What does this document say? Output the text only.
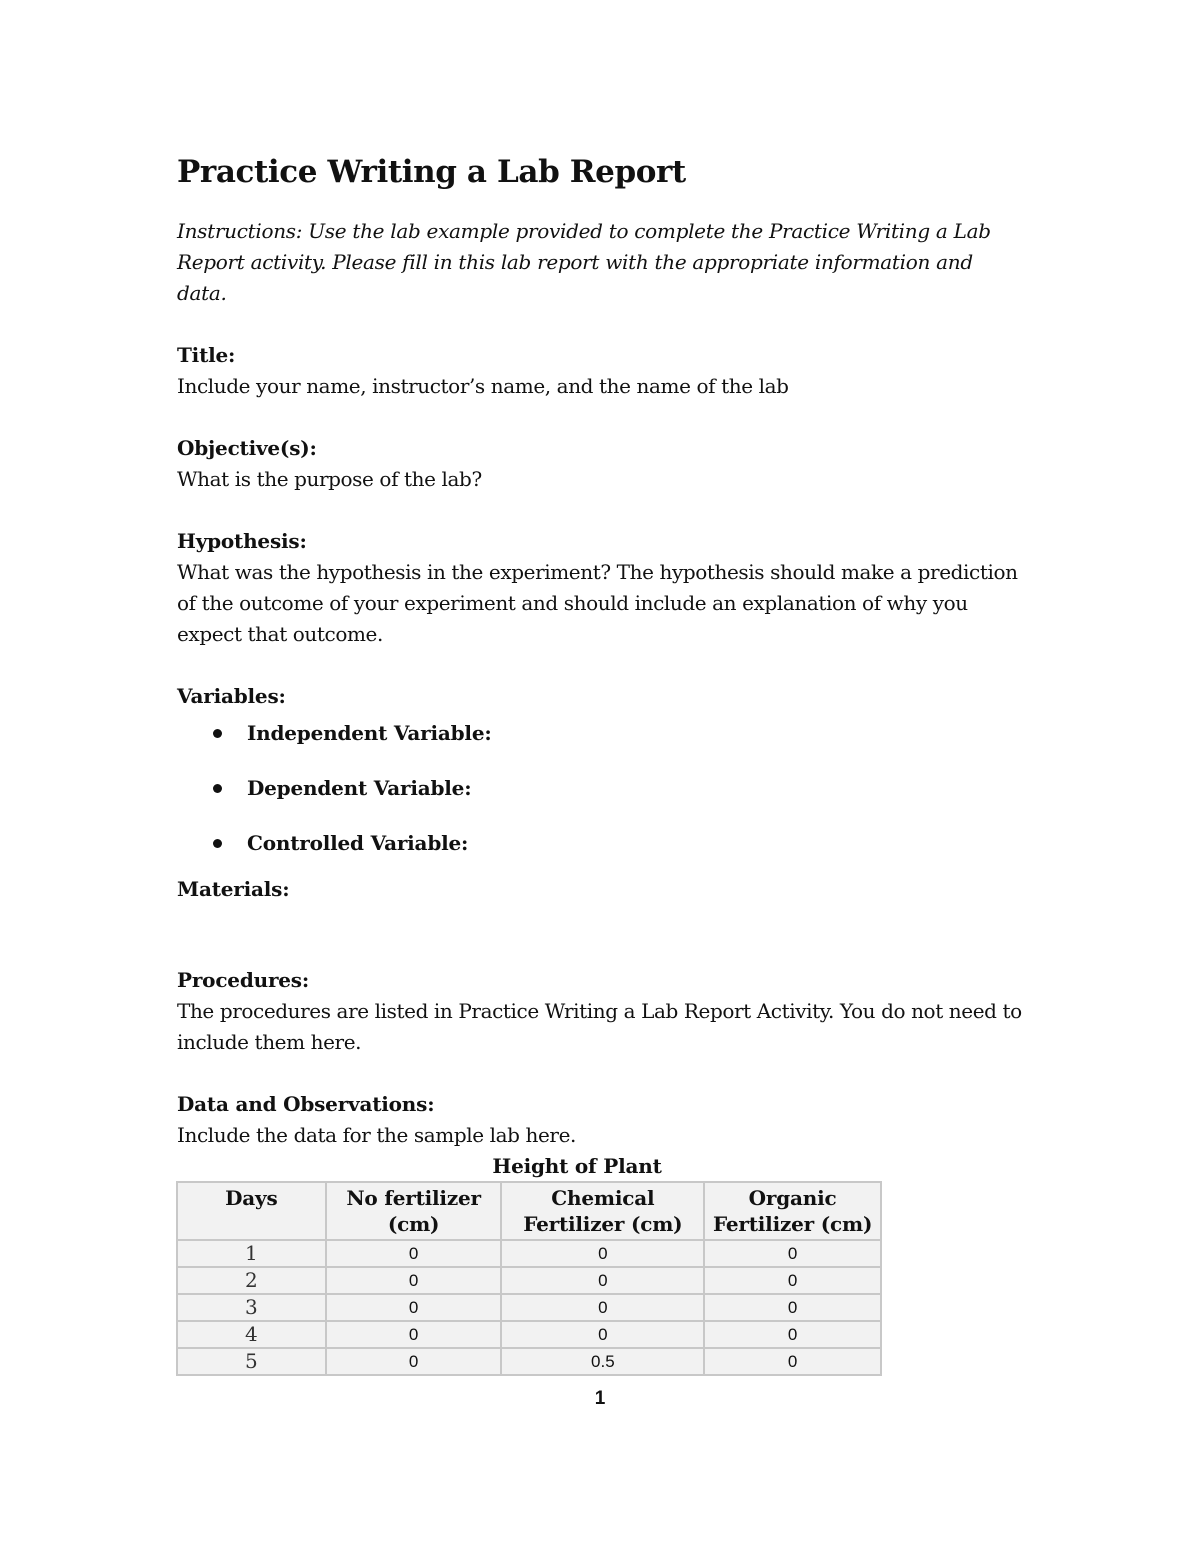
Practice Writing a Lab Report
Instructions: Use the lab example provided to complete the Practice Writing a Lab Report activity. Please fill in this lab report with the appropriate information and data.
Title:
Include your name, instructor’s name, and the name of the lab
Objective(s):
What is the purpose of the lab?
Hypothesis:
What was the hypothesis in the experiment? The hypothesis should make a prediction of the outcome of your experiment and should include an explanation of why you expect that outcome.
Variables:
Independent Variable:
Dependent Variable:
Controlled Variable:
Materials:
Procedures:
The procedures are listed in Practice Writing a Lab Report Activity. You do not need to include them here.
Data and Observations:
Include the data for the sample lab here.
Height of Plant
Days	No fertilizer (cm)	Chemical Fertilizer (cm)	Organic Fertilizer (cm)
1	0	0	0
2	0	0	0
3	0	0	0
4	0	0	0
5	0	0.5	0
1
